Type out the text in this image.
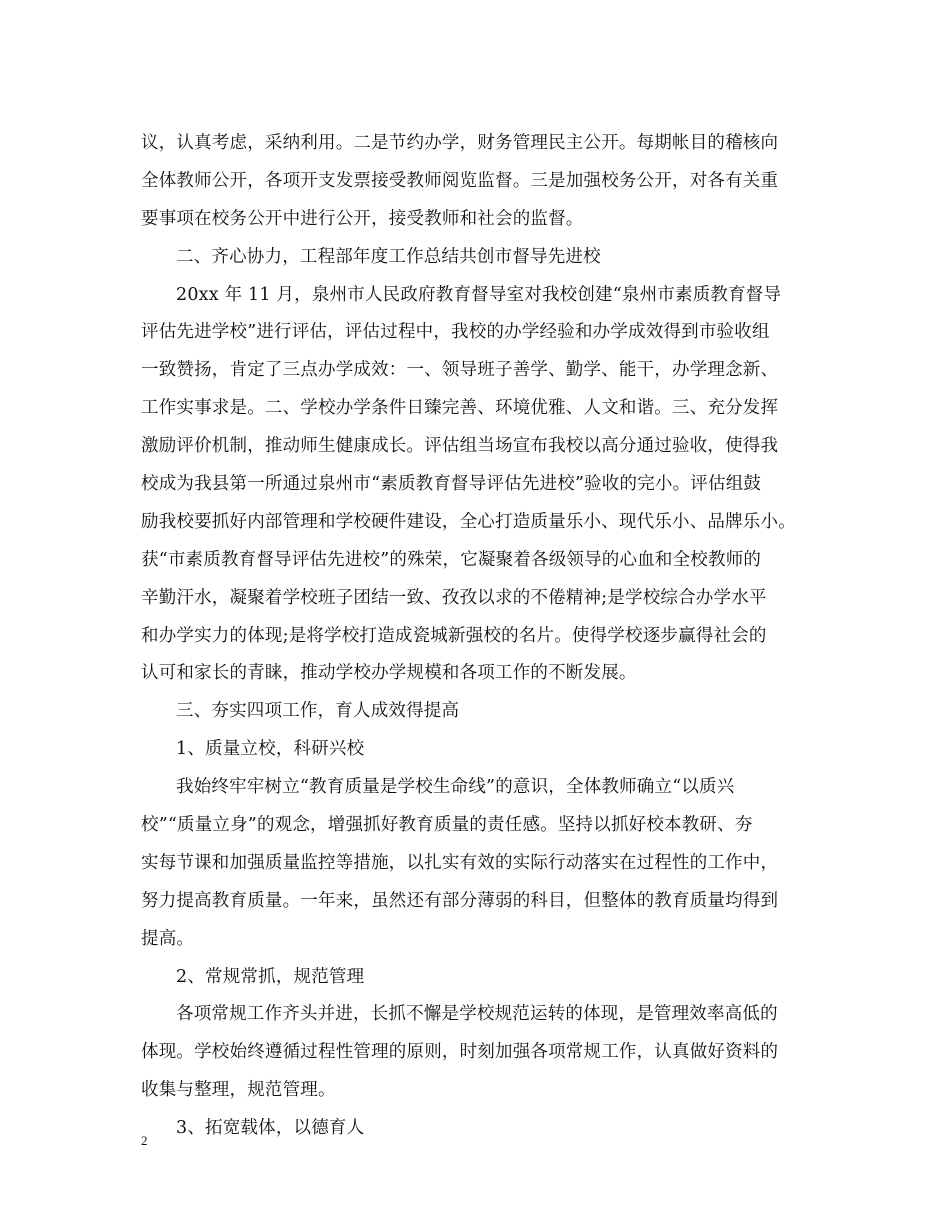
议，认真考虑，采纳利用。二是节约办学，财务管理民主公开。每期帐目的稽核向
全体教师公开，各项开支发票接受教师阅览监督。三是加强校务公开，对各有关重
要事项在校务公开中进行公开，接受教师和社会的监督。
二、齐心协力，工程部年度工作总结共创市督导先进校
20xx 年 11 月，泉州市人民政府教育督导室对我校创建“泉州市素质教育督导
评估先进学校”进行评估，评估过程中，我校的办学经验和办学成效得到市验收组
一致赞扬，肯定了三点办学成效：一、领导班子善学、勤学、能干，办学理念新、
工作实事求是。二、学校办学条件日臻完善、环境优雅、人文和谐。三、充分发挥
激励评价机制，推动师生健康成长。评估组当场宣布我校以高分通过验收，使得我
校成为我县第一所通过泉州市“素质教育督导评估先进校”验收的完小。评估组鼓
励我校要抓好内部管理和学校硬件建设，全心打造质量乐小、现代乐小、品牌乐小。
获“市素质教育督导评估先进校”的殊荣，它凝聚着各级领导的心血和全校教师的
辛勤汗水，凝聚着学校班子团结一致、孜孜以求的不倦精神;是学校综合办学水平
和办学实力的体现;是将学校打造成瓷城新强校的名片。使得学校逐步赢得社会的
认可和家长的青睐，推动学校办学规模和各项工作的不断发展。
三、夯实四项工作，育人成效得提高
1、质量立校，科研兴校
我始终牢牢树立“教育质量是学校生命线”的意识，全体教师确立“以质兴
校”“质量立身”的观念，增强抓好教育质量的责任感。坚持以抓好校本教研、夯
实每节课和加强质量监控等措施，以扎实有效的实际行动落实在过程性的工作中，
努力提高教育质量。一年来，虽然还有部分薄弱的科目，但整体的教育质量均得到
提高。
2、常规常抓，规范管理
各项常规工作齐头并进，长抓不懈是学校规范运转的体现，是管理效率高低的
体现。学校始终遵循过程性管理的原则，时刻加强各项常规工作，认真做好资料的
收集与整理，规范管理。
3、拓宽载体，以德育人
2
